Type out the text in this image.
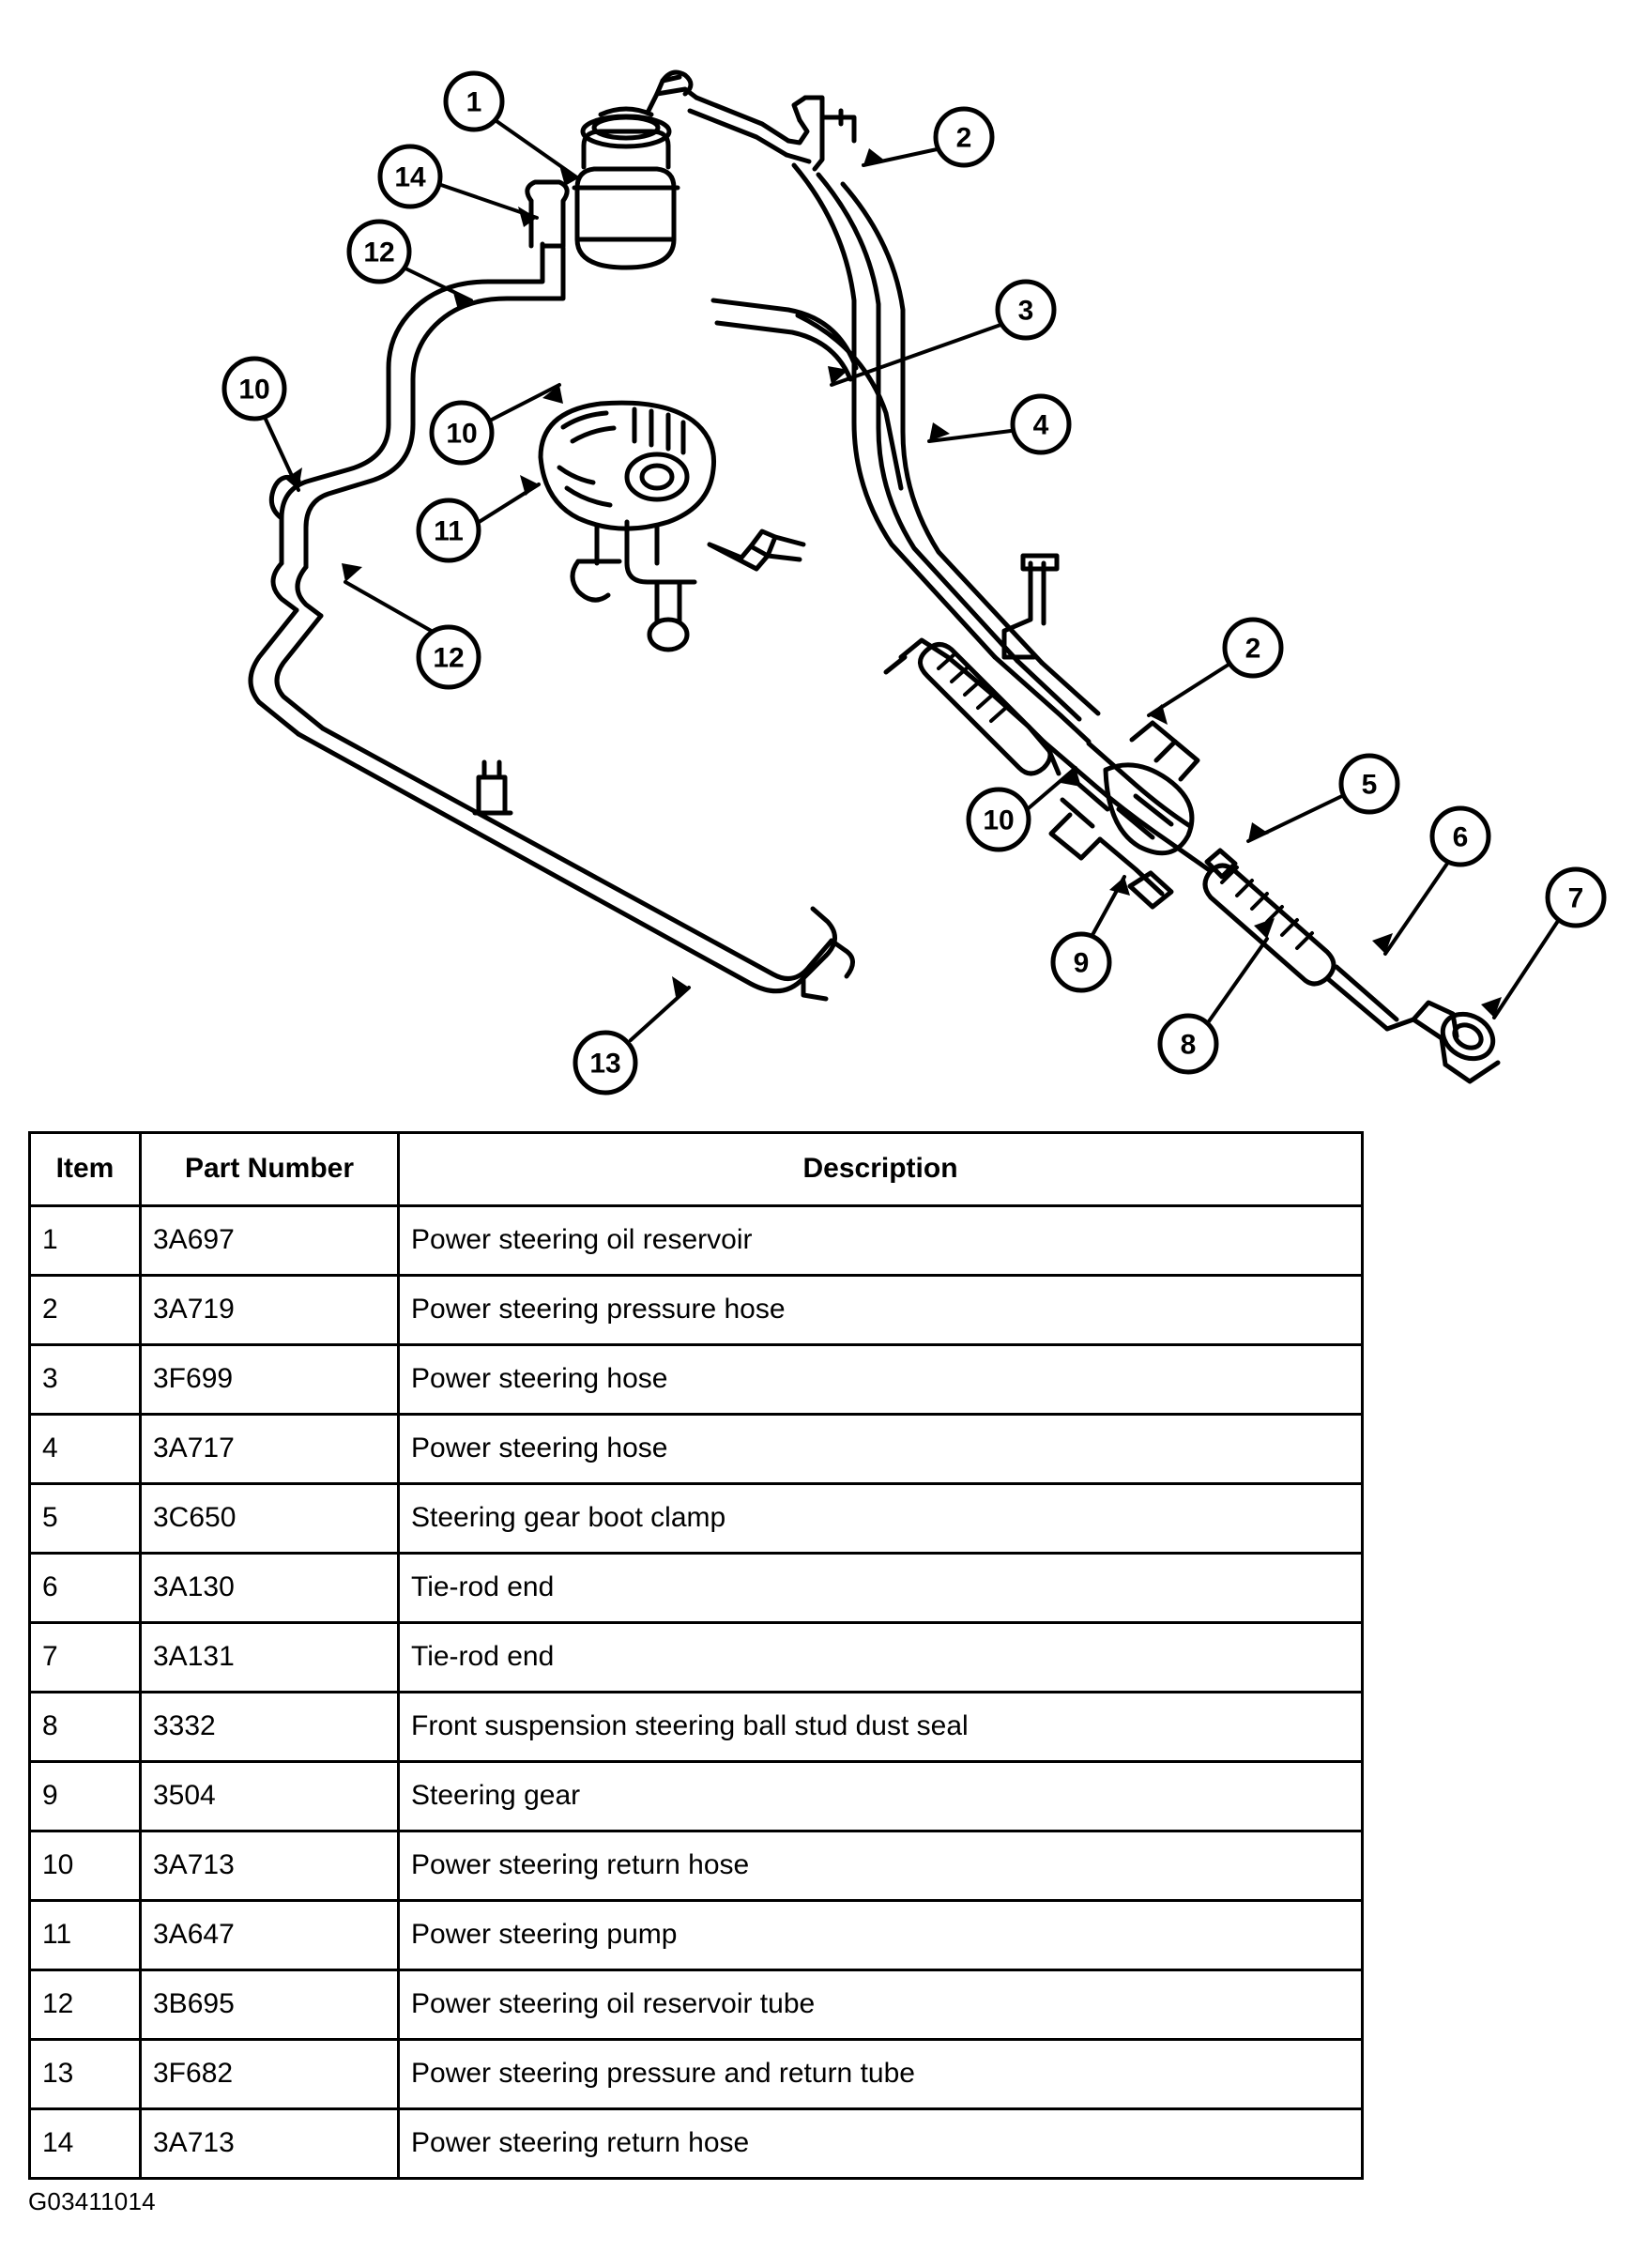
1
2
14
12
3
10
4
10
11
12	2
5
10
6
7
9
8
13
Item	Part Number	Description
1	3A697	Power steering oil reservoir
2	3A719	Power steering pressure hose
3	3F699	Power steering hose
4	3A717	Power steering hose
5	3C650	Steering gear boot clamp
6	3A130	Tie-rod end
7	3A131	Tie-rod end
8	3332	Front suspension steering ball stud dust seal
9	3504	Steering gear
10	3A713	Power steering return hose
11	3A647	Power steering pump
12	3B695	Power steering oil reservoir tube
13	3F682	Power steering pressure and return tube
14	3A713	Power steering return hose
G03411014
